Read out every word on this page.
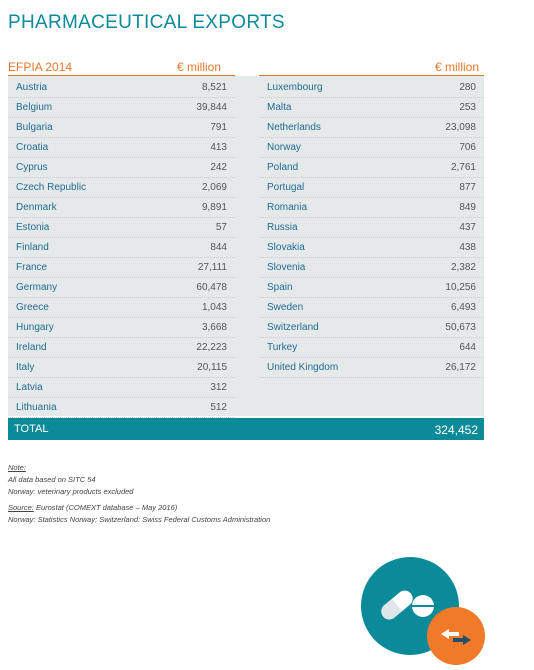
PHARMACEUTICAL EXPORTS
EFPIA 2014	€ million	€ million
Austria	8,521
Belgium	39,844
Bulgaria	791
Croatia	413
Cyprus	242
Czech Republic	2,069
Denmark	9,891
Estonia	57
Finland	844
France	27,111
Germany	60,478
Greece	1,043
Hungary	3,668
Ireland	22,223
Italy	20,115
Latvia	312
Lithuania	512
Luxembourg	280
Malta	253
Netherlands	23,098
Norway	706
Poland	2,761
Portugal	877
Romania	849
Russia	437
Slovakia	438
Slovenia	2,382
Spain	10,256
Sweden	6,493
Switzerland	50,673
Turkey	644
United Kingdom	26,172
TOTAL	324,452
Note:
All data based on SITC 54
Norway: veterinary products excluded
Source: Eurostat (COMEXT database – May 2016)
Norway: Statistics Norway; Switzerland: Swiss Federal Customs Administration
